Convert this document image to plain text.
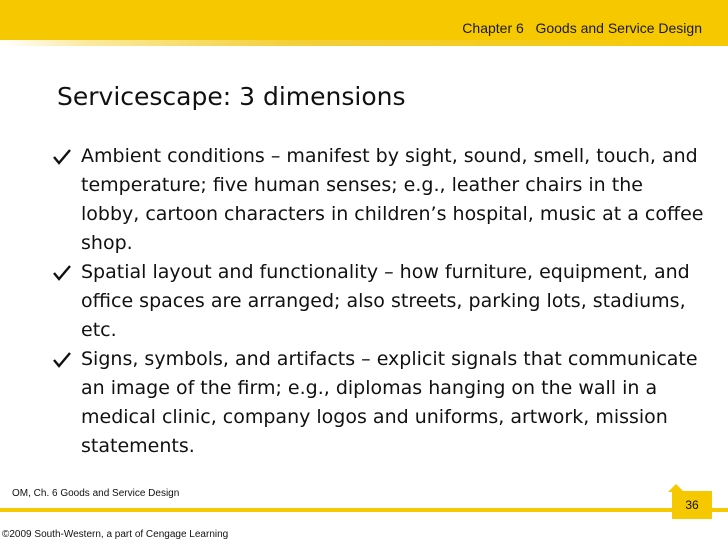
Chapter 6   Goods and Service Design
Servicescape: 3 dimensions
Ambient conditions – manifest by sight, sound, smell, touch, and temperature; five human senses; e.g., leather chairs in the lobby, cartoon characters in children’s hospital, music at a coffee shop.
Spatial layout and functionality – how furniture, equipment, and office spaces are arranged; also streets, parking lots, stadiums, etc.
Signs, symbols, and artifacts – explicit signals that communicate an image of the firm; e.g., diplomas hanging on the wall in a medical clinic, company logos and uniforms, artwork, mission statements.
OM, Ch. 6 Goods and Service Design
©2009 South-Western, a part of Cengage Learning
36
